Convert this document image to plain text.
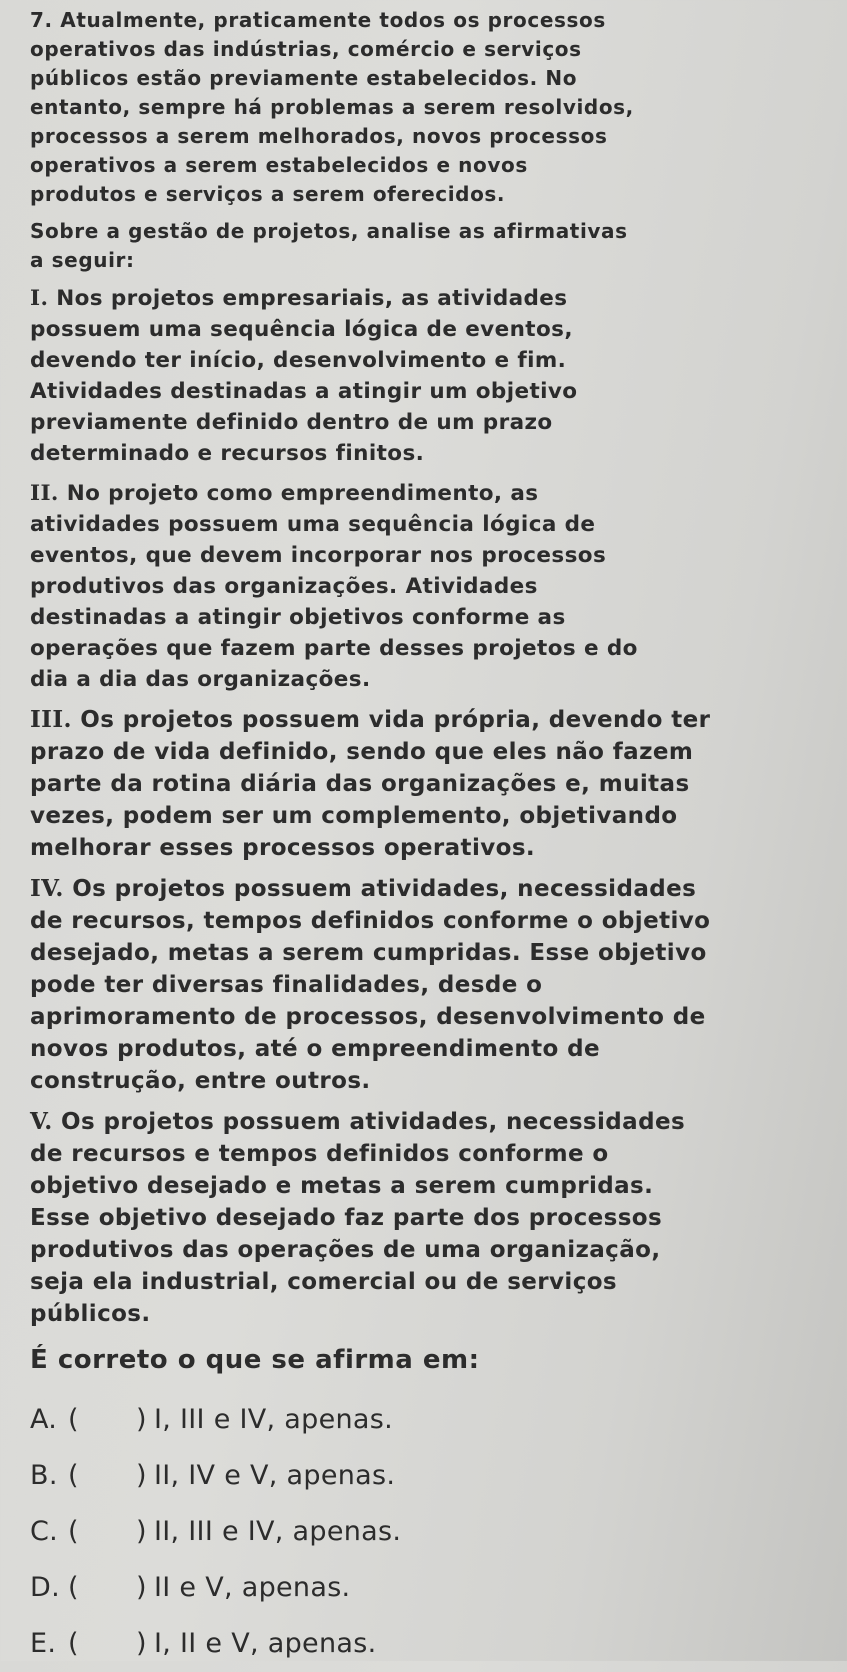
7. Atualmente, praticamente todos os processos
operativos das indústrias, comércio e serviços
públicos estão previamente estabelecidos. No
entanto, sempre há problemas a serem resolvidos,
processos a serem melhorados, novos processos
operativos a serem estabelecidos e novos
produtos e serviços a serem oferecidos.

Sobre a gestão de projetos, analise as afirmativas
a seguir:

I. Nos projetos empresariais, as atividades
possuem uma sequência lógica de eventos,
devendo ter início, desenvolvimento e fim.
Atividades destinadas a atingir um objetivo
previamente definido dentro de um prazo
determinado e recursos finitos.

II. No projeto como empreendimento, as
atividades possuem uma sequência lógica de
eventos, que devem incorporar nos processos
produtivos das organizações. Atividades
destinadas a atingir objetivos conforme as
operações que fazem parte desses projetos e do
dia a dia das organizações.

III. Os projetos possuem vida própria, devendo ter
prazo de vida definido, sendo que eles não fazem
parte da rotina diária das organizações e, muitas
vezes, podem ser um complemento, objetivando
melhorar esses processos operativos.

IV. Os projetos possuem atividades, necessidades
de recursos, tempos definidos conforme o objetivo
desejado, metas a serem cumpridas. Esse objetivo
pode ter diversas finalidades, desde o
aprimoramento de processos, desenvolvimento de
novos produtos, até o empreendimento de
construção, entre outros.

V. Os projetos possuem atividades, necessidades
de recursos e tempos definidos conforme o
objetivo desejado e metas a serem cumpridas.
Esse objetivo desejado faz parte dos processos
produtivos das operações de uma organização,
seja ela industrial, comercial ou de serviços
públicos.

É correto o que se afirma em:

A. (	) I, III e IV, apenas.
B. (	) II, IV e V, apenas.
C. (	) II, III e IV, apenas.
D. (	) II e V, apenas.
E. (	) I, II e V, apenas.
